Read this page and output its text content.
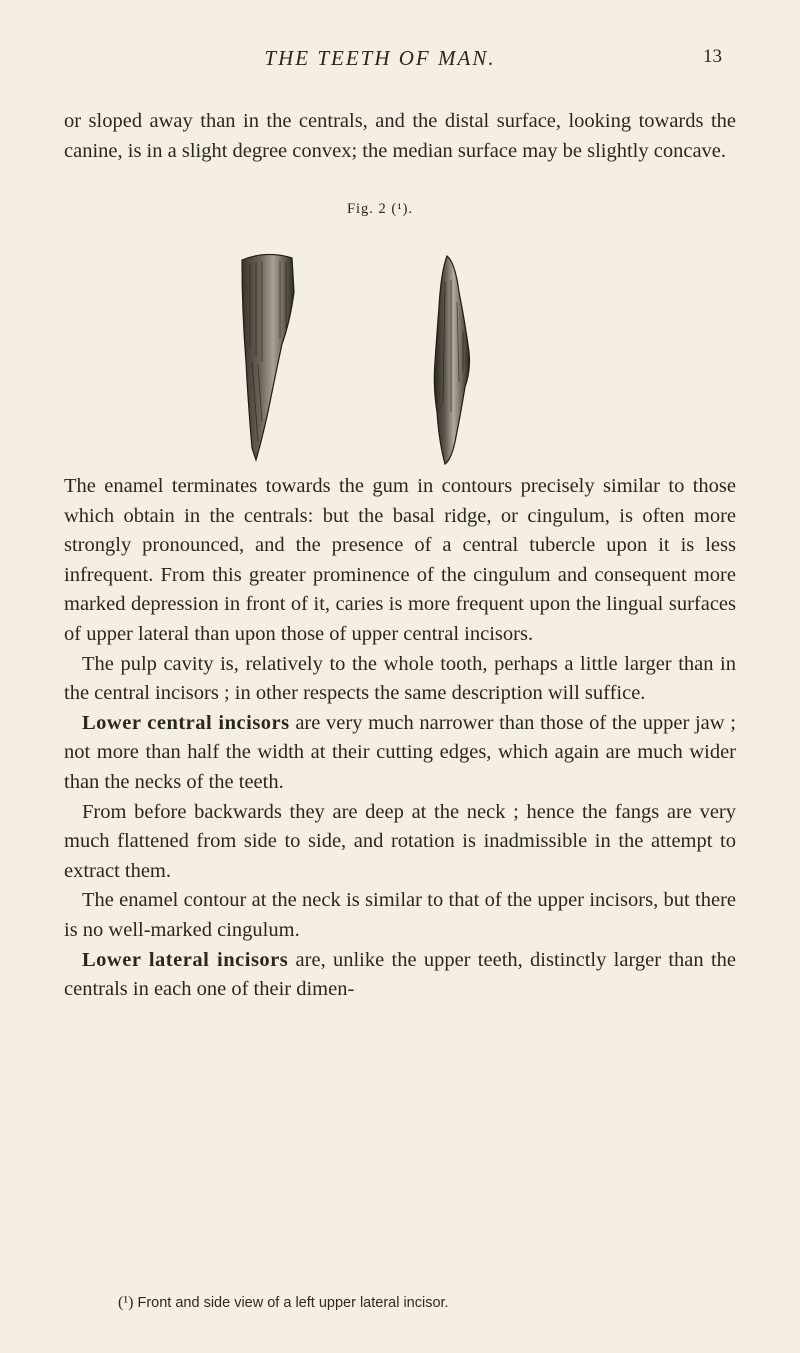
THE TEETH OF MAN.	13

or sloped away than in the centrals, and the distal surface, looking towards the canine, is in a slight degree convex; the median surface may be slightly concave.

Fig. 2 (¹).

The enamel terminates towards the gum in contours precisely similar to those which obtain in the centrals: but the basal ridge, or cingulum, is often more strongly pronounced, and the presence of a central tubercle upon it is less infrequent. From this greater prominence of the cingulum and consequent more marked depression in front of it, caries is more frequent upon the lingual surfaces of upper lateral than upon those of upper central incisors.

The pulp cavity is, relatively to the whole tooth, perhaps a little larger than in the central incisors ; in other respects the same description will suffice.

Lower central incisors are very much narrower than those of the upper jaw ; not more than half the width at their cutting edges, which again are much wider than the necks of the teeth.

From before backwards they are deep at the neck ; hence the fangs are very much flattened from side to side, and rotation is inadmissible in the attempt to extract them.

The enamel contour at the neck is similar to that of the upper incisors, but there is no well-marked cingulum.

Lower lateral incisors are, unlike the upper teeth, distinctly larger than the centrals in each one of their dimen-

(¹) Front and side view of a left upper lateral incisor.
